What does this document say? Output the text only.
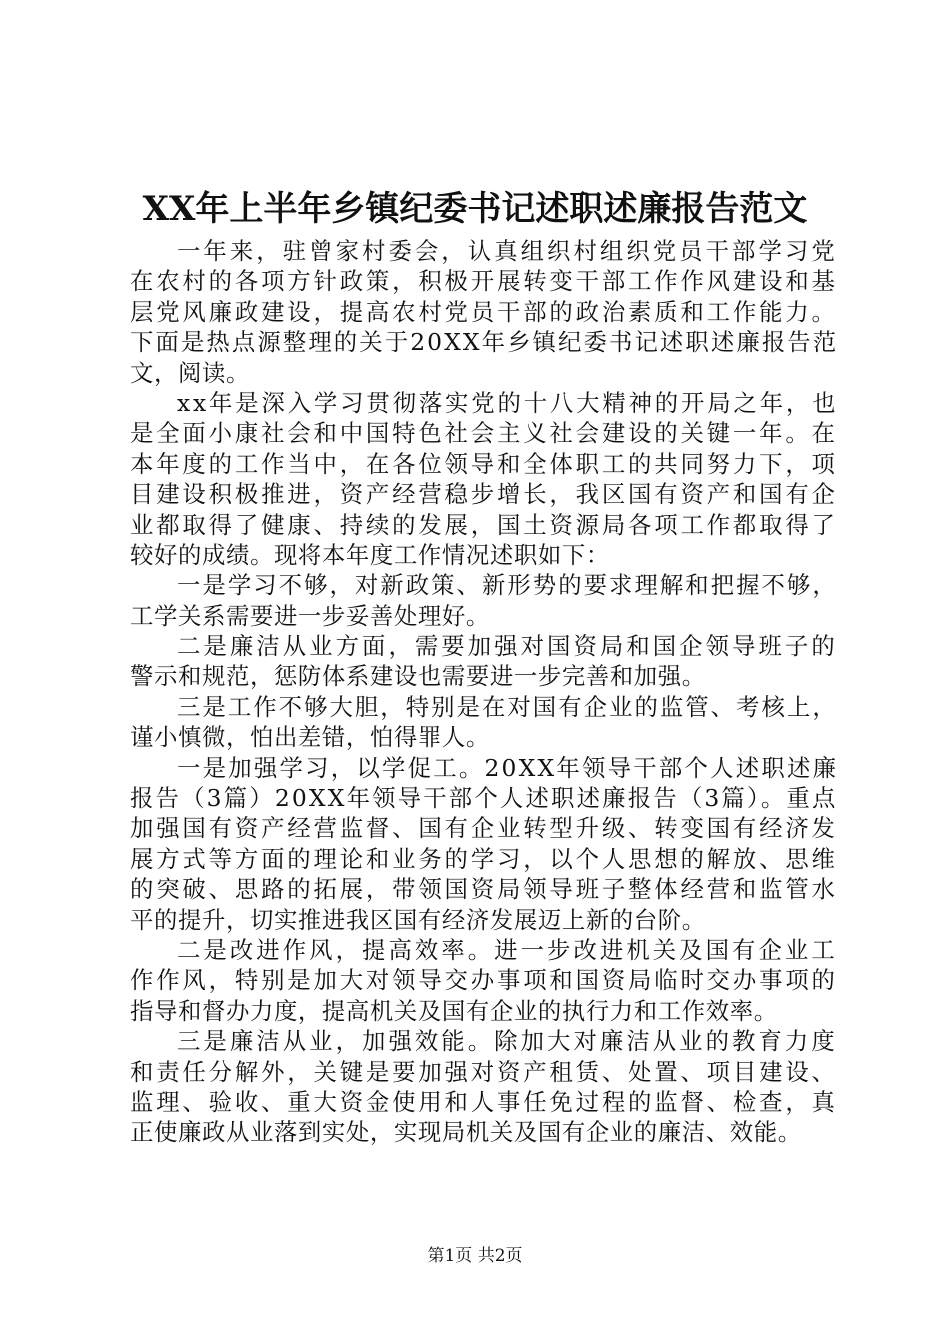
XX年上半年乡镇纪委书记述职述廉报告范文
一年来，驻曾家村委会，认真组织村组织党员干部学习党
在农村的各项方针政策，积极开展转变干部工作作风建设和基
层党风廉政建设，提高农村党员干部的政治素质和工作能力。
下面是热点源整理的关于20XX年乡镇纪委书记述职述廉报告范
文，阅读。
xx年是深入学习贯彻落实党的十八大精神的开局之年，也
是全面小康社会和中国特色社会主义社会建设的关键一年。在
本年度的工作当中，在各位领导和全体职工的共同努力下，项
目建设积极推进，资产经营稳步增长，我区国有资产和国有企
业都取得了健康、持续的发展，国土资源局各项工作都取得了
较好的成绩。现将本年度工作情况述职如下：
一是学习不够，对新政策、新形势的要求理解和把握不够，
工学关系需要进一步妥善处理好。
二是廉洁从业方面，需要加强对国资局和国企领导班子的
警示和规范，惩防体系建设也需要进一步完善和加强。
三是工作不够大胆，特别是在对国有企业的监管、考核上，
谨小慎微，怕出差错，怕得罪人。
一是加强学习，以学促工。20XX年领导干部个人述职述廉
报告（3篇）20XX年领导干部个人述职述廉报告（3篇）。重点
加强国有资产经营监督、国有企业转型升级、转变国有经济发
展方式等方面的理论和业务的学习，以个人思想的解放、思维
的突破、思路的拓展，带领国资局领导班子整体经营和监管水
平的提升，切实推进我区国有经济发展迈上新的台阶。
二是改进作风，提高效率。进一步改进机关及国有企业工
作作风，特别是加大对领导交办事项和国资局临时交办事项的
指导和督办力度，提高机关及国有企业的执行力和工作效率。
三是廉洁从业，加强效能。除加大对廉洁从业的教育力度
和责任分解外，关键是要加强对资产租赁、处置、项目建设、
监理、验收、重大资金使用和人事任免过程的监督、检查，真
正使廉政从业落到实处，实现局机关及国有企业的廉洁、效能。
第1页 共2页
